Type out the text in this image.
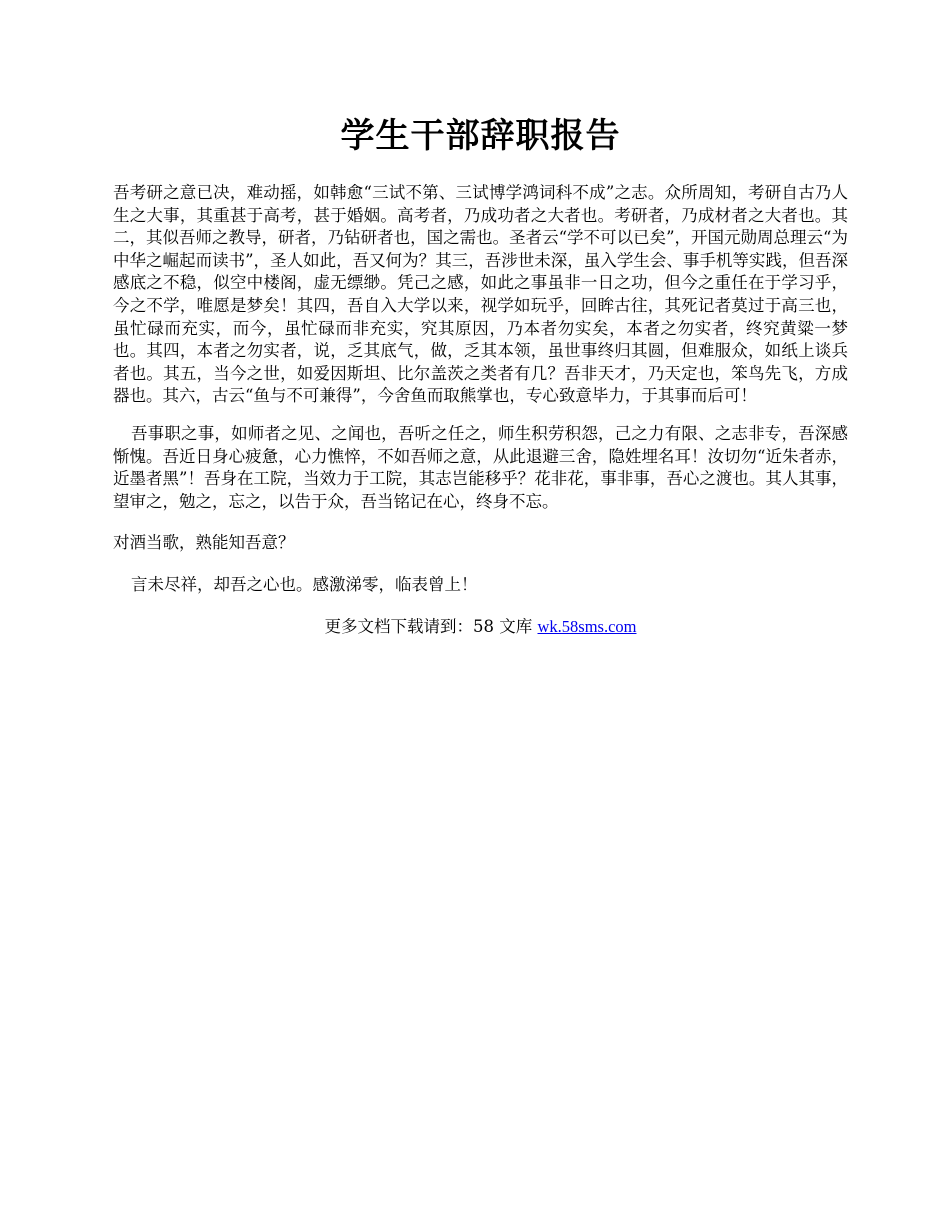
学生干部辞职报告

吾考研之意已决，难动摇，如韩愈“三试不第、三试博学鸿词科不成”之志。众所周知，考研自古乃人生之大事，其重甚于高考，甚于婚姻。高考者，乃成功者之大者也。考研者，乃成材者之大者也。其二，其似吾师之教导，研者，乃钻研者也，国之需也。圣者云“学不可以已矣”，开国元勋周总理云“为中华之崛起而读书”，圣人如此，吾又何为？其三，吾涉世未深，虽入学生会、事手机等实践，但吾深感底之不稳，似空中楼阁，虚无缥缈。凭己之感，如此之事虽非一日之功，但今之重任在于学习乎，今之不学，唯愿是梦矣！其四，吾自入大学以来，视学如玩乎，回眸古往，其死记者莫过于高三也，虽忙碌而充实，而今，虽忙碌而非充实，究其原因，乃本者勿实矣，本者之勿实者，终究黄粱一梦也。其四，本者之勿实者，说，乏其底气，做，乏其本领，虽世事终归其圆，但难服众，如纸上谈兵者也。其五，当今之世，如爱因斯坦、比尔盖茨之类者有几？吾非天才，乃天定也，笨鸟先飞，方成器也。其六，古云“鱼与不可兼得”，今舍鱼而取熊掌也，专心致意毕力，于其事而后可！

吾事职之事，如师者之见、之闻也，吾听之任之，师生积劳积怨，己之力有限、之志非专，吾深感惭愧。吾近日身心疲惫，心力憔悴，不如吾师之意，从此退避三舍，隐姓埋名耳！汝切勿“近朱者赤，近墨者黑”！吾身在工院，当效力于工院，其志岂能移乎？花非花，事非事，吾心之渡也。其人其事，望审之，勉之，忘之，以告于众，吾当铭记在心，终身不忘。

对酒当歌，熟能知吾意？

言未尽祥，却吾之心也。感激涕零，临表曾上！

更多文档下载请到：58 文库 wk.58sms.com
